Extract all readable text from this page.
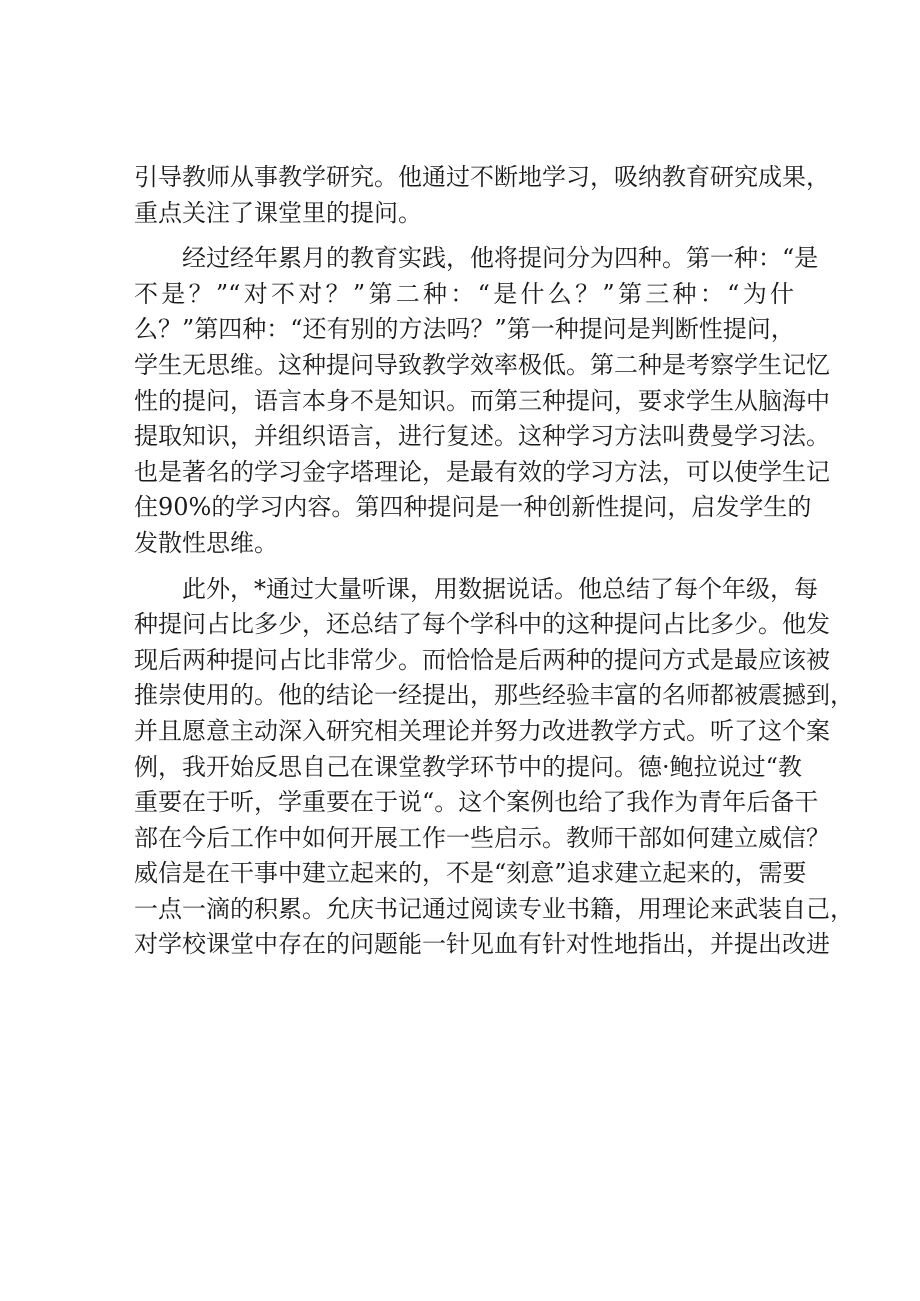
引导教师从事教学研究。他通过不断地学习，吸纳教育研究成果，
重点关注了课堂里的提问。
经过经年累月的教育实践，他将提问分为四种。第一种：“是
不是？”“对不对？”第二种：“是什么？”第三种：“为什
么？”第四种：“还有别的方法吗？”第一种提问是判断性提问，
学生无思维。这种提问导致教学效率极低。第二种是考察学生记忆
性的提问，语言本身不是知识。而第三种提问，要求学生从脑海中
提取知识，并组织语言，进行复述。这种学习方法叫费曼学习法。
也是著名的学习金字塔理论，是最有效的学习方法，可以使学生记
住90%的学习内容。第四种提问是一种创新性提问，启发学生的
发散性思维。
此外，*通过大量听课，用数据说话。他总结了每个年级，每
种提问占比多少，还总结了每个学科中的这种提问占比多少。他发
现后两种提问占比非常少。而恰恰是后两种的提问方式是最应该被
推崇使用的。他的结论一经提出，那些经验丰富的名师都被震撼到，
并且愿意主动深入研究相关理论并努力改进教学方式。听了这个案
例，我开始反思自己在课堂教学环节中的提问。德·鲍拉说过“教
重要在于听，学重要在于说“。这个案例也给了我作为青年后备干
部在今后工作中如何开展工作一些启示。教师干部如何建立威信？
威信是在干事中建立起来的，不是“刻意”追求建立起来的，需要
一点一滴的积累。允庆书记通过阅读专业书籍，用理论来武装自己，
对学校课堂中存在的问题能一针见血有针对性地指出，并提出改进
